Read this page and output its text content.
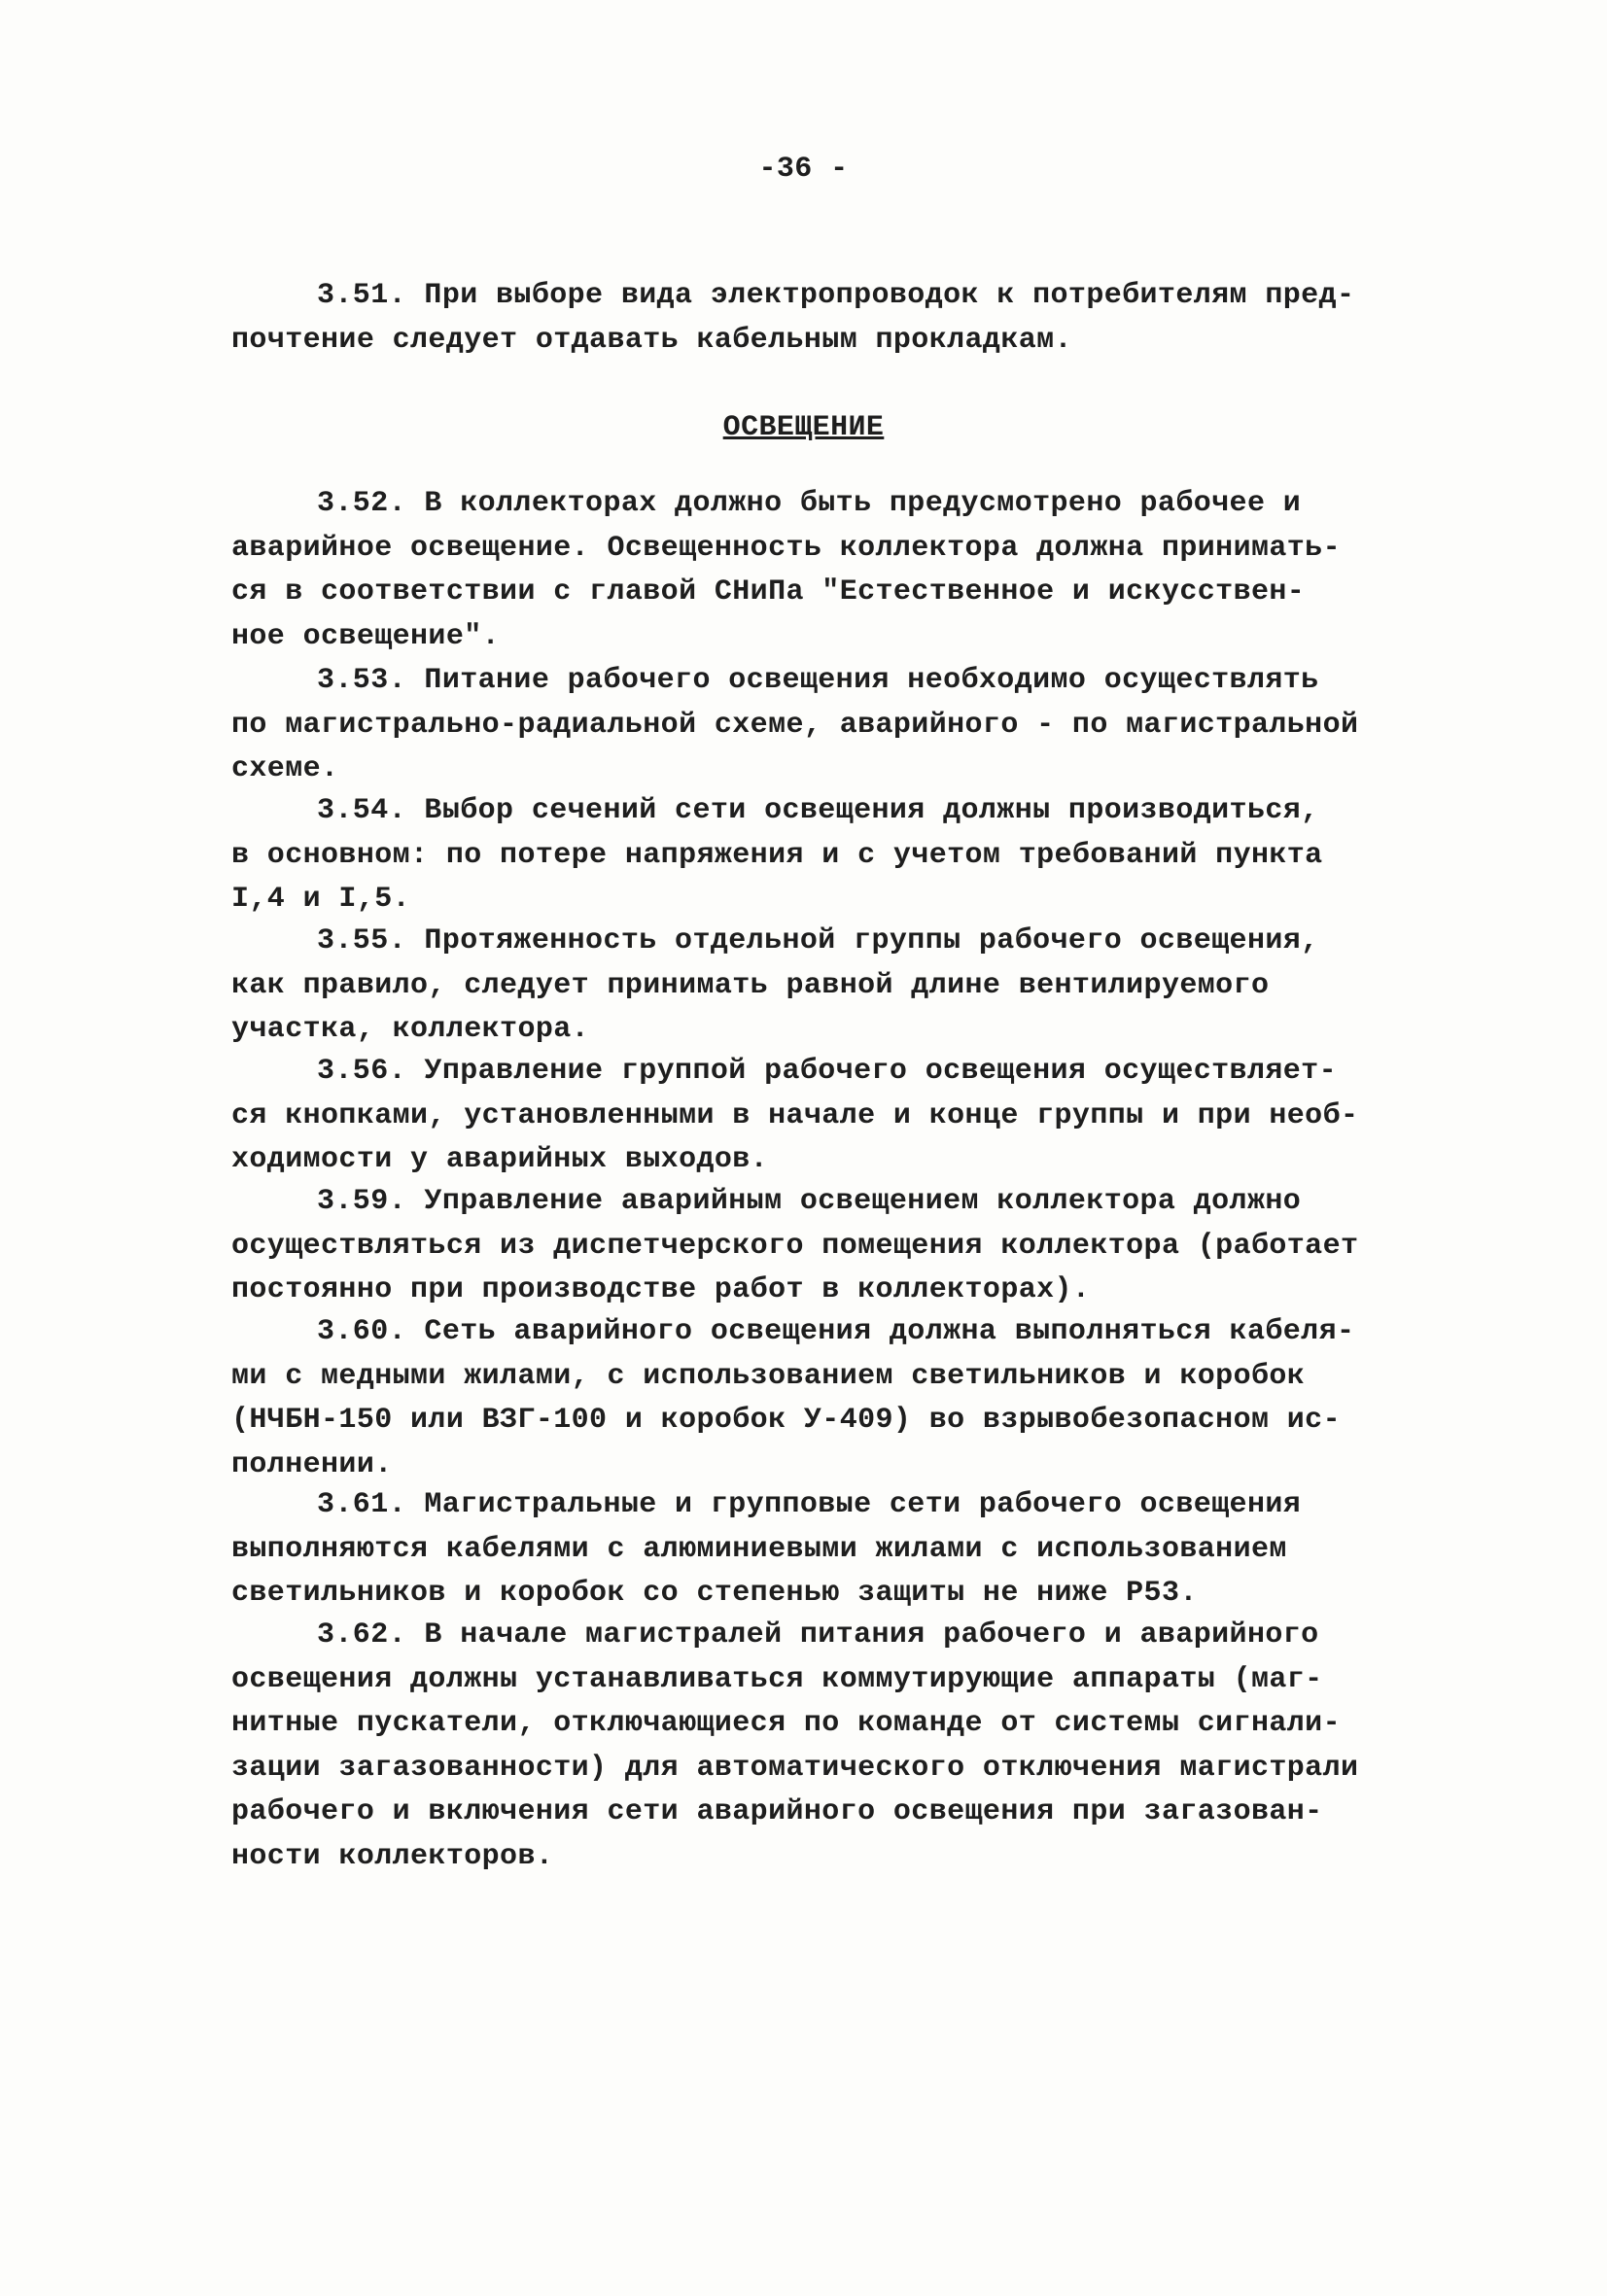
-36 -

3.51. При выборе вида электропроводок к потребителям пред-

почтение следует отдавать кабельным прокладкам.

ОСВЕЩЕНИЕ

3.52. В коллекторах должно быть предусмотрено рабочее и

аварийное освещение. Освещенность коллектора должна принимать-

ся в соответствии с главой СНиПа "Естественное и искусствен-

ное освещение".

3.53. Питание рабочего освещения необходимо осуществлять

по магистрально-радиальной схеме, аварийного - по магистральной

схеме.

3.54. Выбор сечений сети освещения должны производиться,

в основном: по потере напряжения и с учетом требований пункта

I,4 и I,5.

3.55. Протяженность отдельной группы рабочего освещения,

как правило, следует принимать равной длине вентилируемого

участка, коллектора.

3.56. Управление группой рабочего освещения осуществляет-

ся кнопками, установленными в начале и конце группы и при необ-

ходимости у аварийных выходов.

3.59. Управление аварийным освещением коллектора должно

осуществляться из диспетчерского помещения коллектора (работает

постоянно при производстве работ в коллекторах).

3.60. Сеть аварийного освещения должна выполняться кабеля-

ми с медными жилами, с использованием светильников и коробок

(НЧБН-150 или ВЗГ-100 и коробок У-409) во взрывобезопасном ис-

полнении.

3.61. Магистральные и групповые сети рабочего освещения

выполняются кабелями с алюминиевыми жилами с использованием

светильников и коробок со степенью защиты не ниже Р53.

3.62. В начале магистралей питания рабочего и аварийного

освещения должны устанавливаться коммутирующие аппараты (маг-

нитные пускатели, отключающиеся по команде от системы сигнали-

зации загазованности) для автоматического отключения магистрали

рабочего и включения сети аварийного освещения при загазован-

ности коллекторов.
